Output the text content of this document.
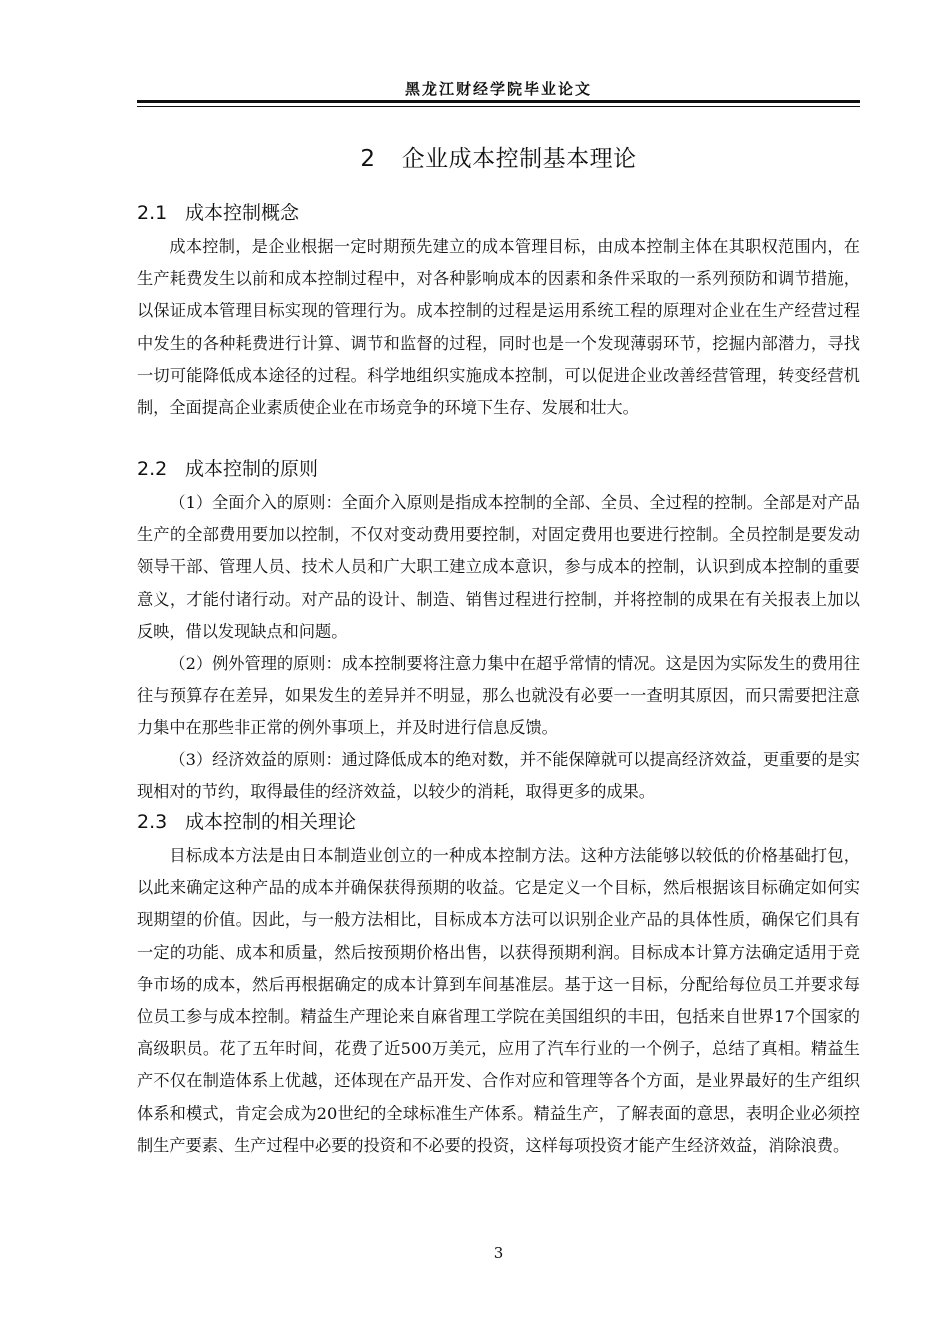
黑龙江财经学院毕业论文
2 企业成本控制基本理论
2.1 成本控制概念

成本控制，是企业根据一定时期预先建立的成本管理目标，由成本控制主体在其职权范围内，在生产耗费发生以前和成本控制过程中，对各种影响成本的因素和条件采取的一系列预防和调节措施，以保证成本管理目标实现的管理行为。成本控制的过程是运用系统工程的原理对企业在生产经营过程中发生的各种耗费进行计算、调节和监督的过程，同时也是一个发现薄弱环节，挖掘内部潜力，寻找一切可能降低成本途径的过程。科学地组织实施成本控制，可以促进企业改善经营管理，转变经营机制，全面提高企业素质使企业在市场竞争的环境下生存、发展和壮大。

2.2 成本控制的原则

（1）全面介入的原则：全面介入原则是指成本控制的全部、全员、全过程的控制。全部是对产品生产的全部费用要加以控制，不仅对变动费用要控制，对固定费用也要进行控制。全员控制是要发动领导干部、管理人员、技术人员和广大职工建立成本意识，参与成本的控制，认识到成本控制的重要意义，才能付诸行动。对产品的设计、制造、销售过程进行控制，并将控制的成果在有关报表上加以反映，借以发现缺点和问题。

（2）例外管理的原则：成本控制要将注意力集中在超乎常情的情况。这是因为实际发生的费用往往与预算存在差异，如果发生的差异并不明显，那么也就没有必要一一查明其原因，而只需要把注意力集中在那些非正常的例外事项上，并及时进行信息反馈。

（3）经济效益的原则：通过降低成本的绝对数，并不能保障就可以提高经济效益，更重要的是实现相对的节约，取得最佳的经济效益，以较少的消耗，取得更多的成果。

2.3 成本控制的相关理论

目标成本方法是由日本制造业创立的一种成本控制方法。这种方法能够以较低的价格基础打包，以此来确定这种产品的成本并确保获得预期的收益。它是定义一个目标，然后根据该目标确定如何实现期望的价值。因此，与一般方法相比，目标成本方法可以识别企业产品的具体性质，确保它们具有一定的功能、成本和质量，然后按预期价格出售，以获得预期利润。目标成本计算方法确定适用于竞争市场的成本，然后再根据确定的成本计算到车间基准层。基于这一目标，分配给每位员工并要求每位员工参与成本控制。精益生产理论来自麻省理工学院在美国组织的丰田，包括来自世界17个国家的高级职员。花了五年时间，花费了近500万美元，应用了汽车行业的一个例子，总结了真相。精益生产不仅在制造体系上优越，还体现在产品开发、合作对应和管理等各个方面，是业界最好的生产组织体系和模式，肯定会成为20世纪的全球标准生产体系。精益生产，了解表面的意思，表明企业必须控制生产要素、生产过程中必要的投资和不必要的投资，这样每项投资才能产生经济效益，消除浪费。

3
